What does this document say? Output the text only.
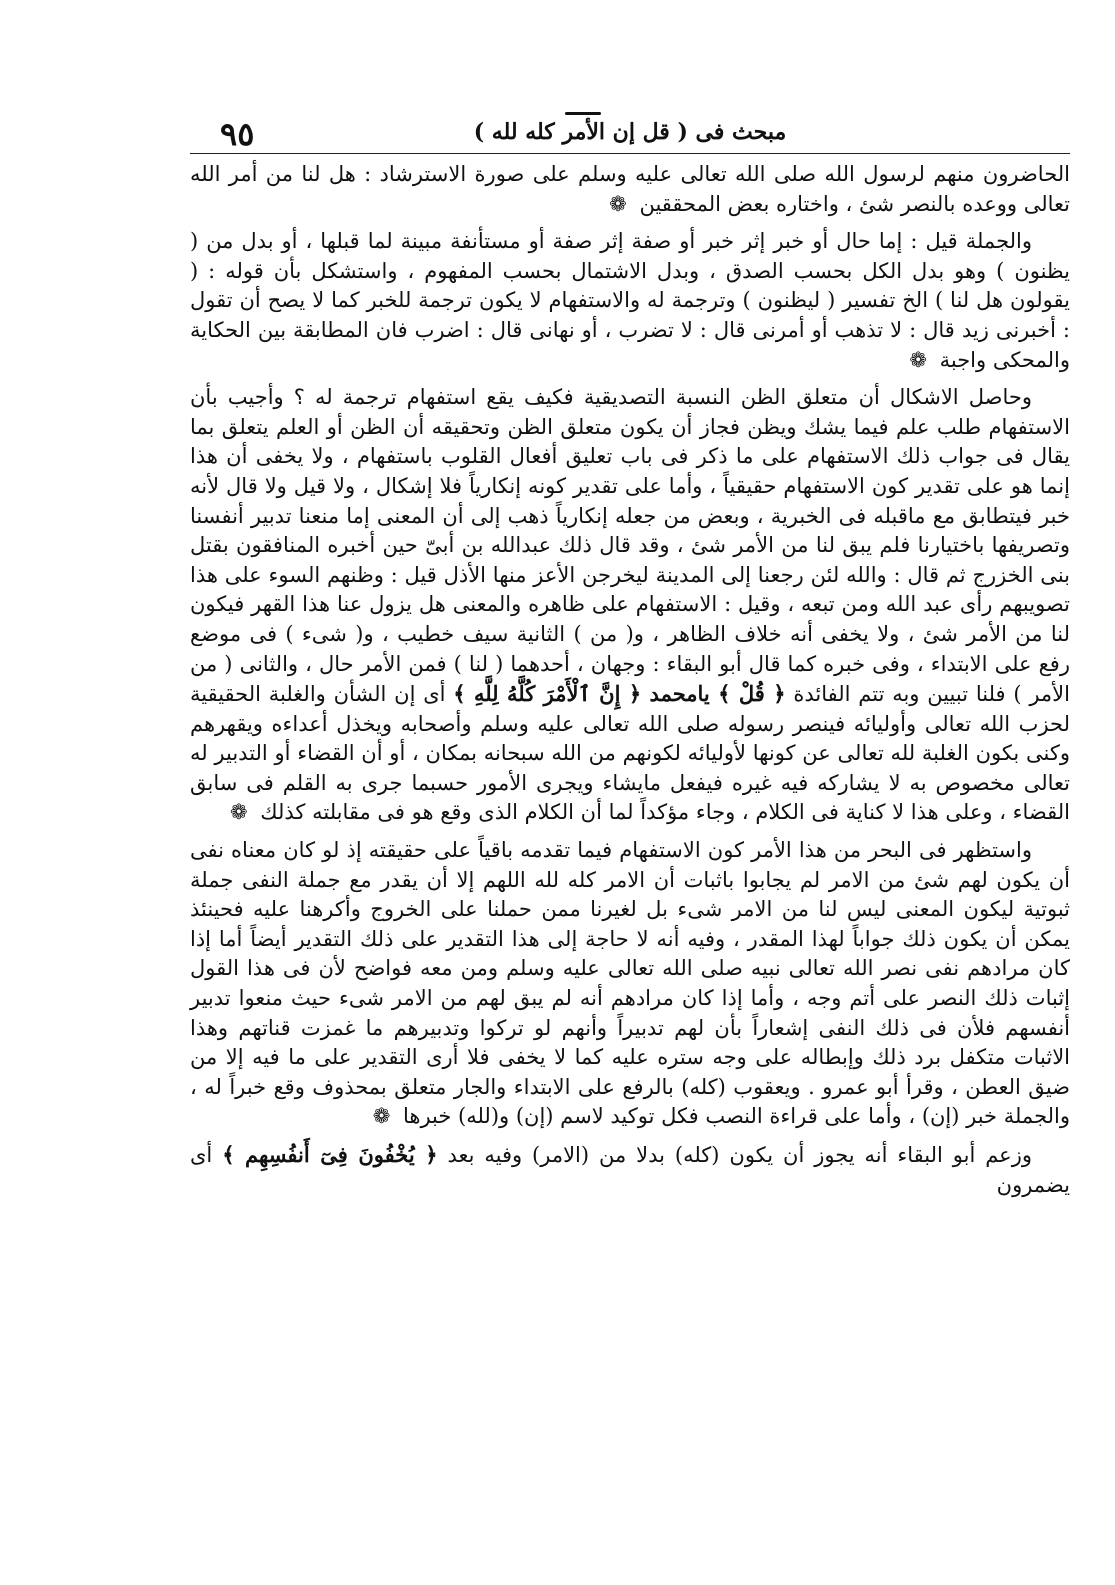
مبحث فى ( قل إن الأمر كله لله )
٩٥

الحاضرون منهم لرسول الله صلى الله تعالى عليه وسلم على صورة الاسترشاد : هل لنا من أمر الله تعالى ووعده بالنصر شئ ، واختاره بعض المحققين ❁

والجملة قيل : إما حال أو خبر إثر خبر أو صفة إثر صفة أو مستأنفة مبينة لما قبلها ، أو بدل من ( يظنون ) وهو بدل الكل بحسب الصدق ، وبدل الاشتمال بحسب المفهوم ، واستشكل بأن قوله : ( يقولون هل لنا ) الخ تفسير ( ليظنون ) وترجمة له والاستفهام لا يكون ترجمة للخبر كما لا يصح أن تقول : أخبرنى زيد قال : لا تذهب أو أمرنى قال : لا تضرب ، أو نهانى قال : اضرب فان المطابقة بين الحكاية والمحكى واجبة ❁

وحاصل الاشكال أن متعلق الظن النسبة التصديقية فكيف يقع استفهام ترجمة له ؟ وأجيب بأن الاستفهام طلب علم فيما يشك ويظن فجاز أن يكون متعلق الظن وتحقيقه أن الظن أو العلم يتعلق بما يقال فى جواب ذلك الاستفهام على ما ذكر فى باب تعليق أفعال القلوب باستفهام ، ولا يخفى أن هذا إنما هو على تقدير كون الاستفهام حقيقياً ، وأما على تقدير كونه إنكارياً فلا إشكال ، ولا قيل ولا قال لأنه خبر فيتطابق مع ماقبله فى الخبرية ، وبعض من جعله إنكارياً ذهب إلى أن المعنى إما منعنا تدبير أنفسنا وتصريفها باختيارنا فلم يبق لنا من الأمر شئ ، وقد قال ذلك عبدالله بن أبىّ حين أخبره المنافقون بقتل بنى الخزرج ثم قال : والله لئن رجعنا إلى المدينة ليخرجن الأعز منها الأذل قيل : وظنهم السوء على هذا تصويبهم رأى عبد الله ومن تبعه ، وقيل : الاستفهام على ظاهره والمعنى هل يزول عنا هذا القهر فيكون لنا من الأمر شئ ، ولا يخفى أنه خلاف الظاهر ، و( من ) الثانية سيف خطيب ، و( شىء ) فى موضع رفع على الابتداء ، وفى خبره كما قال أبو البقاء : وجهان ، أحدهما ( لنا ) فمن الأمر حال ، والثانى ( من الأمر ) فلنا تبيين وبه تتم الفائدة ﴿ قُلْ ﴾ يامحمد ﴿ إِنَّ ٱلْأَمْرَ كُلَّهُ لِلَّهِ ﴾ أى إن الشأن والغلبة الحقيقية لحزب الله تعالى وأوليائه فينصر رسوله صلى الله تعالى عليه وسلم وأصحابه ويخذل أعداءه ويقهرهم وكنى بكون الغلبة لله تعالى عن كونها لأوليائه لكونهم من الله سبحانه بمكان ، أو أن القضاء أو التدبير له تعالى مخصوص به لا يشاركه فيه غيره فيفعل مايشاء ويجرى الأمور حسبما جرى به القلم فى سابق القضاء ، وعلى هذا لا كناية فى الكلام ، وجاء مؤكداً لما أن الكلام الذى وقع هو فى مقابلته كذلك ❁

واستظهر فى البحر من هذا الأمر كون الاستفهام فيما تقدمه باقياً على حقيقته إذ لو كان معناه نفى أن يكون لهم شئ من الامر لم يجابوا باثبات أن الامر كله لله اللهم إلا أن يقدر مع جملة النفى جملة ثبوتية ليكون المعنى ليس لنا من الامر شىء بل لغيرنا ممن حملنا على الخروج وأكرهنا عليه فحينئذ يمكن أن يكون ذلك جواباً لهذا المقدر ، وفيه أنه لا حاجة إلى هذا التقدير على ذلك التقدير أيضاً أما إذا كان مرادهم نفى نصر الله تعالى نبيه صلى الله تعالى عليه وسلم ومن معه فواضح لأن فى هذا القول إثبات ذلك النصر على أتم وجه ، وأما إذا كان مرادهم أنه لم يبق لهم من الامر شىء حيث منعوا تدبير أنفسهم فلأن فى ذلك النفى إشعاراً بأن لهم تدبيراً وأنهم لو تركوا وتدبيرهم ما غمزت قناتهم وهذا الاثبات متكفل برد ذلك وإبطاله على وجه ستره عليه كما لا يخفى فلا أرى التقدير على ما فيه إلا من ضيق العطن ، وقرأ أبو عمرو . ويعقوب (كله) بالرفع على الابتداء والجار متعلق بمحذوف وقع خبراً له ، والجملة خبر (إن) ، وأما على قراءة النصب فكل توكيد لاسم (إن) و(لله) خبرها ❁

وزعم أبو البقاء أنه يجوز أن يكون (كله) بدلا من (الامر) وفيه بعد ﴿ يُخْفُونَ فِىٓ أَنفُسِهِم ﴾ أى يضمرون
